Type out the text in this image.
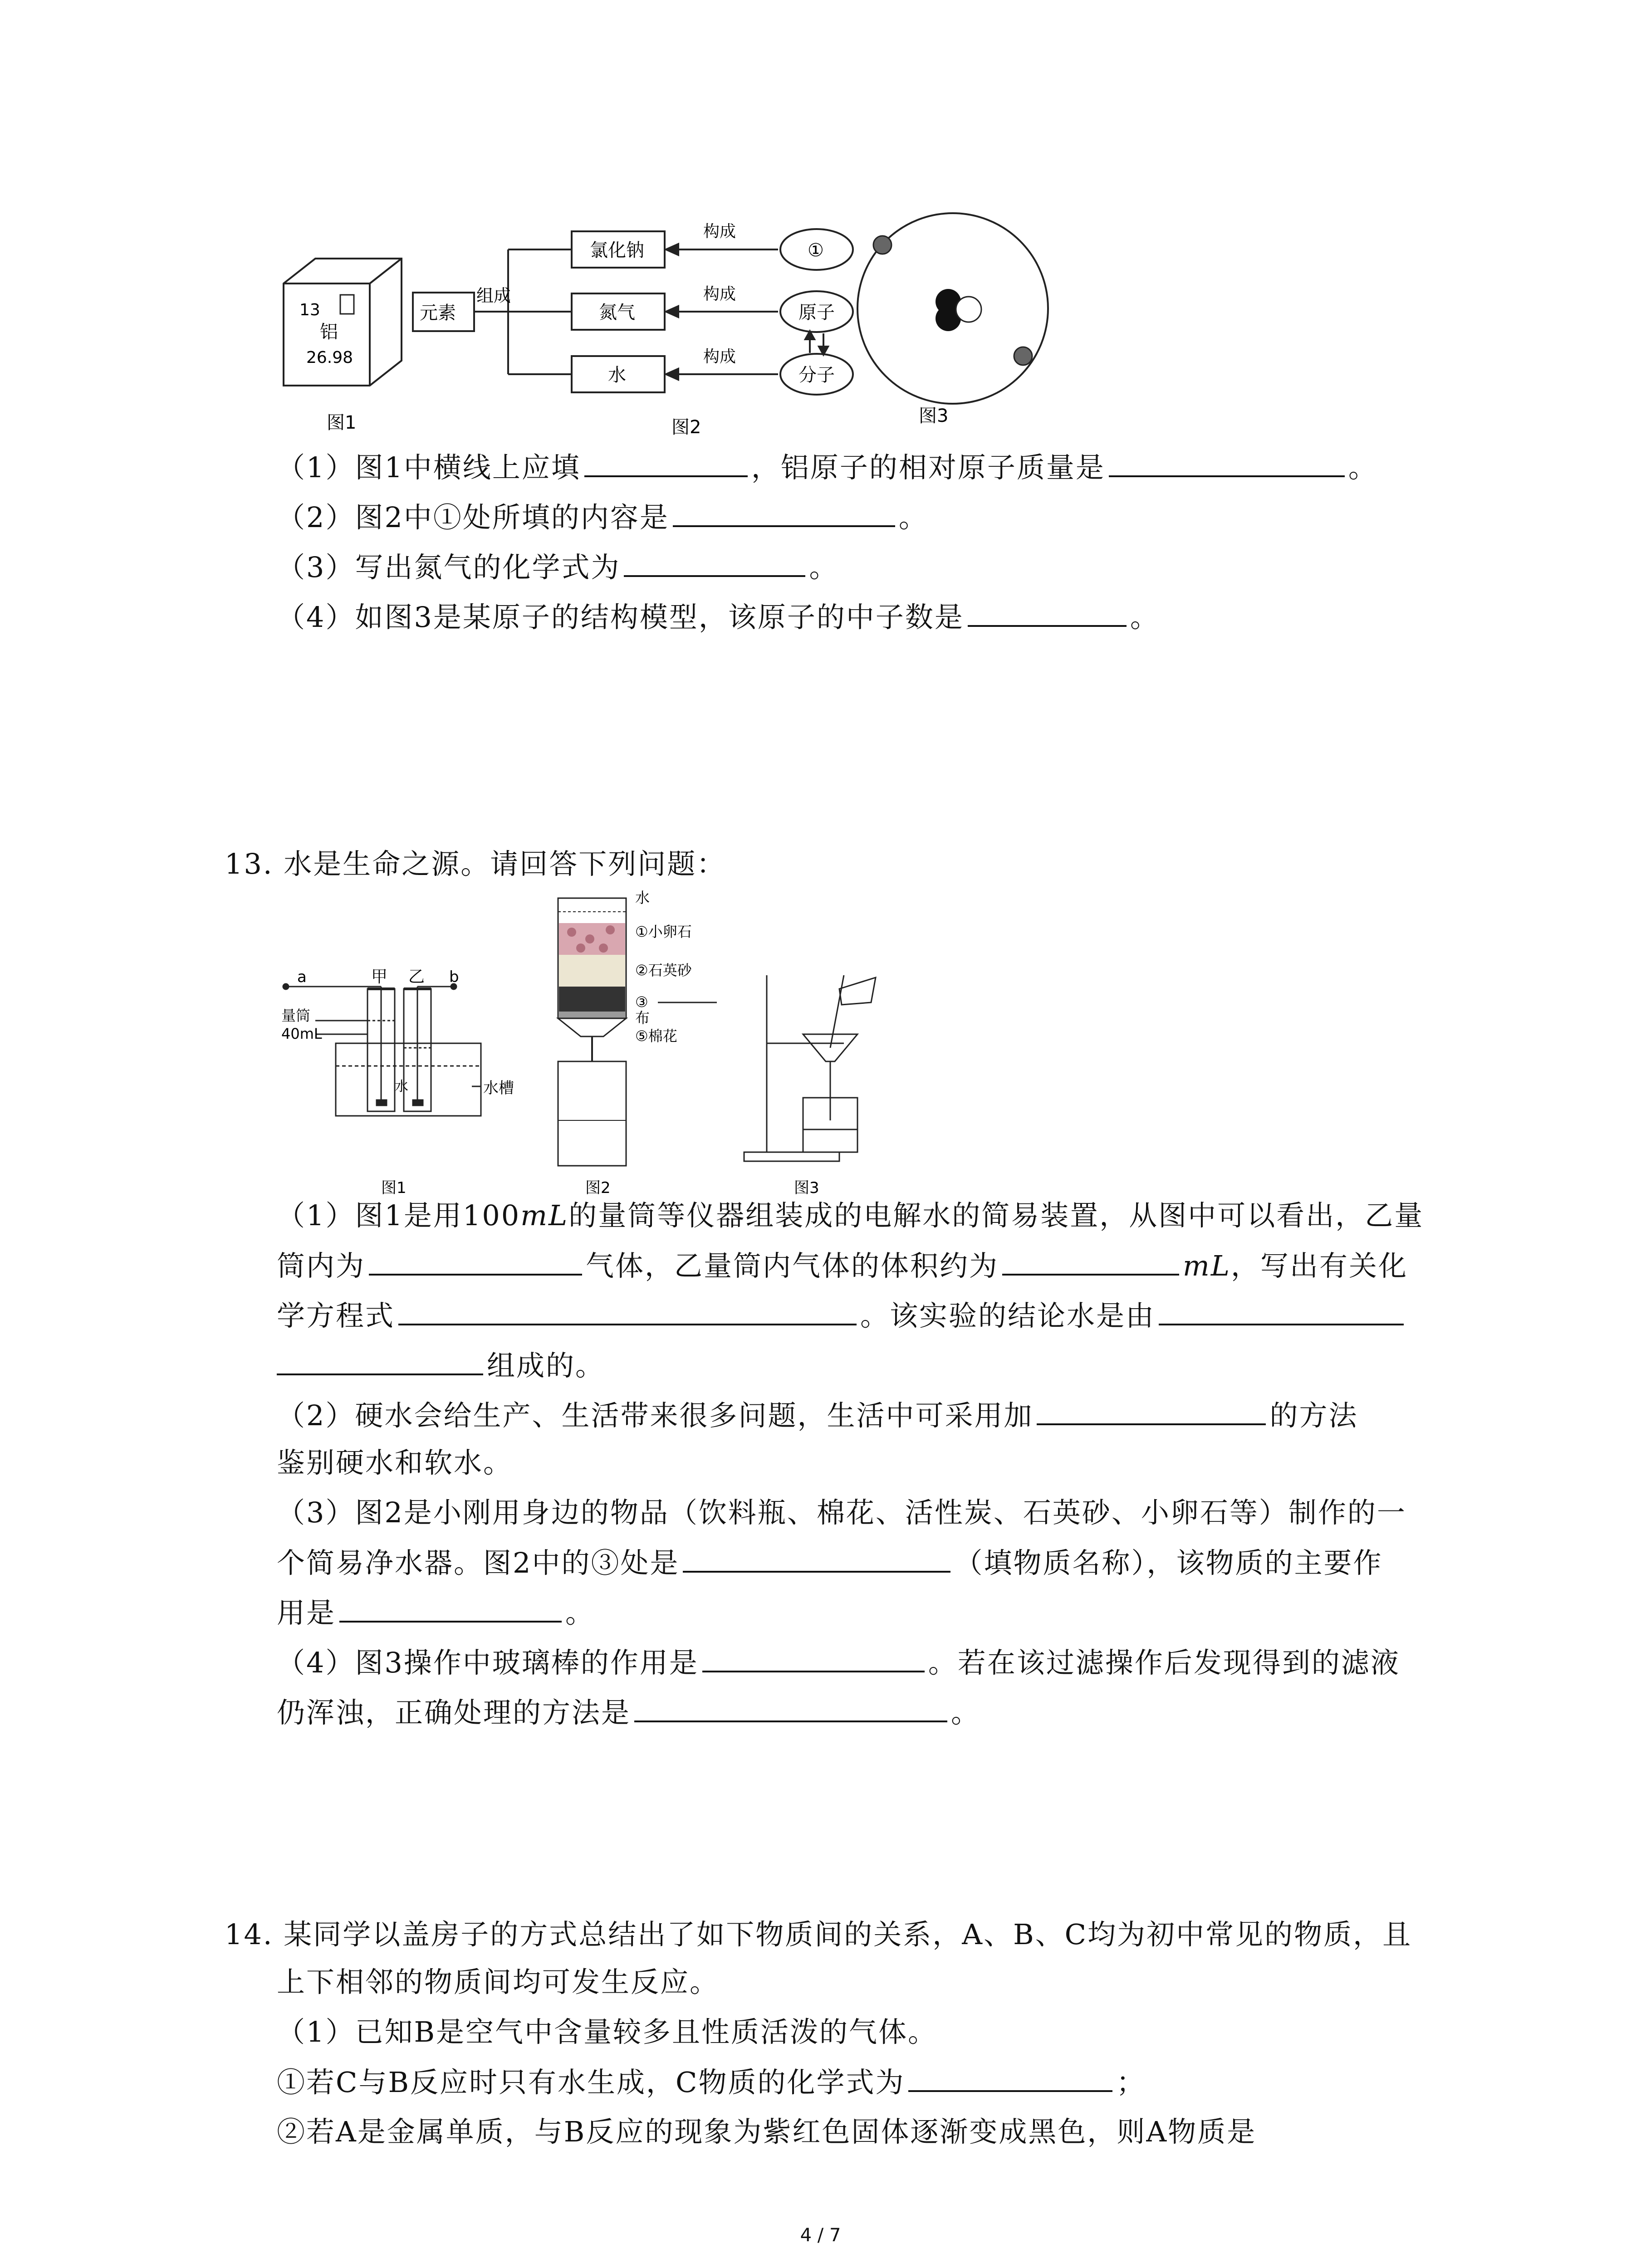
13
铝
26.98
元素
组成
氯化钠
氮气
水
构成
构成
构成
①
原子
分子
图1	图2
图3
（1）图1中横线上应填	，铝原子的相对原子质量是	。
（2）图2中①处所填的内容是	。
（3）写出氮气的化学式为	。
（4）如图3是某原子的结构模型，该原子的中子数是	。
13. 水是生命之源。请回答下列问题：
a	b
甲 乙
量筒
40mL
水	水槽
图1
水
①小卵石
②石英砂
③
布
⑤棉花
图2	图3
（1）图1是用100mL的量筒等仪器组装成的电解水的简易装置，从图中可以看出，乙量
筒内为	气体，乙量筒内气体的体积约为	mL，写出有关化
学方程式	。该实验的结论水是由
组成的。
（2）硬水会给生产、生活带来很多问题，生活中可采用加	的方法
鉴别硬水和软水。
（3）图2是小刚用身边的物品（饮料瓶、棉花、活性炭、石英砂、小卵石等）制作的一
个简易净水器。图2中的③处是	（填物质名称），该物质的主要作
用是	。
（4）图3操作中玻璃棒的作用是	。若在该过滤操作后发现得到的滤液
仍浑浊，正确处理的方法是	。
14. 某同学以盖房子的方式总结出了如下物质间的关系，A、B、C均为初中常见的物质，且
上下相邻的物质间均可发生反应。
（1）已知B是空气中含量较多且性质活泼的气体。
①若C与B反应时只有水生成，C物质的化学式为	；
②若A是金属单质，与B反应的现象为紫红色固体逐渐变成黑色，则A物质是
4 / 7
